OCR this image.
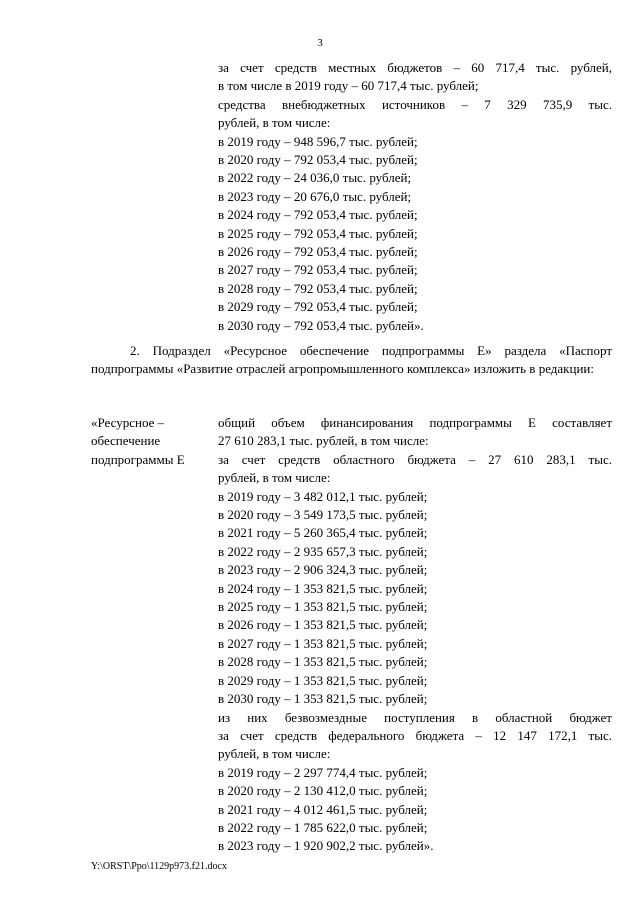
3
за счет средств местных бюджетов – 60 717,4 тыс. рублей,
в том числе в 2019 году – 60 717,4 тыс. рублей;
средства внебюджетных источников – 7 329 735,9 тыс.
рублей, в том числе:
в 2019 году – 948 596,7 тыс. рублей;
в 2020 году – 792 053,4 тыс. рублей;
в 2022 году – 24 036,0 тыс. рублей;
в 2023 году – 20 676,0 тыс. рублей;
в 2024 году – 792 053,4 тыс. рублей;
в 2025 году – 792 053,4 тыс. рублей;
в 2026 году – 792 053,4 тыс. рублей;
в 2027 году – 792 053,4 тыс. рублей;
в 2028 году – 792 053,4 тыс. рублей;
в 2029 году – 792 053,4 тыс. рублей;
в 2030 году – 792 053,4 тыс. рублей».
2. Подраздел «Ресурсное обеспечение подпрограммы Е» раздела «Паспорт подпрограммы «Развитие отраслей агропромышленного комплекса» изложить в редакции:
«Ресурсное –
обеспечение
подпрограммы Е
общий объем финансирования подпрограммы Е составляет
27 610 283,1 тыс. рублей, в том числе:
за счет средств областного бюджета – 27 610 283,1 тыс.
рублей, в том числе:
в 2019 году – 3 482 012,1 тыс. рублей;
в 2020 году – 3 549 173,5 тыс. рублей;
в 2021 году – 5 260 365,4 тыс. рублей;
в 2022 году – 2 935 657,3 тыс. рублей;
в 2023 году – 2 906 324,3 тыс. рублей;
в 2024 году – 1 353 821,5 тыс. рублей;
в 2025 году – 1 353 821,5 тыс. рублей;
в 2026 году – 1 353 821,5 тыс. рублей;
в 2027 году – 1 353 821,5 тыс. рублей;
в 2028 году – 1 353 821,5 тыс. рублей;
в 2029 году – 1 353 821,5 тыс. рублей;
в 2030 году – 1 353 821,5 тыс. рублей;
из них безвозмездные поступления в областной бюджет
за счет средств федерального бюджета – 12 147 172,1 тыс.
рублей, в том числе:
в 2019 году – 2 297 774,4 тыс. рублей;
в 2020 году – 2 130 412,0 тыс. рублей;
в 2021 году – 4 012 461,5 тыс. рублей;
в 2022 году – 1 785 622,0 тыс. рублей;
в 2023 году – 1 920 902,2 тыс. рублей».
Y:\ORST\Ppo\1129p973.f21.docx
